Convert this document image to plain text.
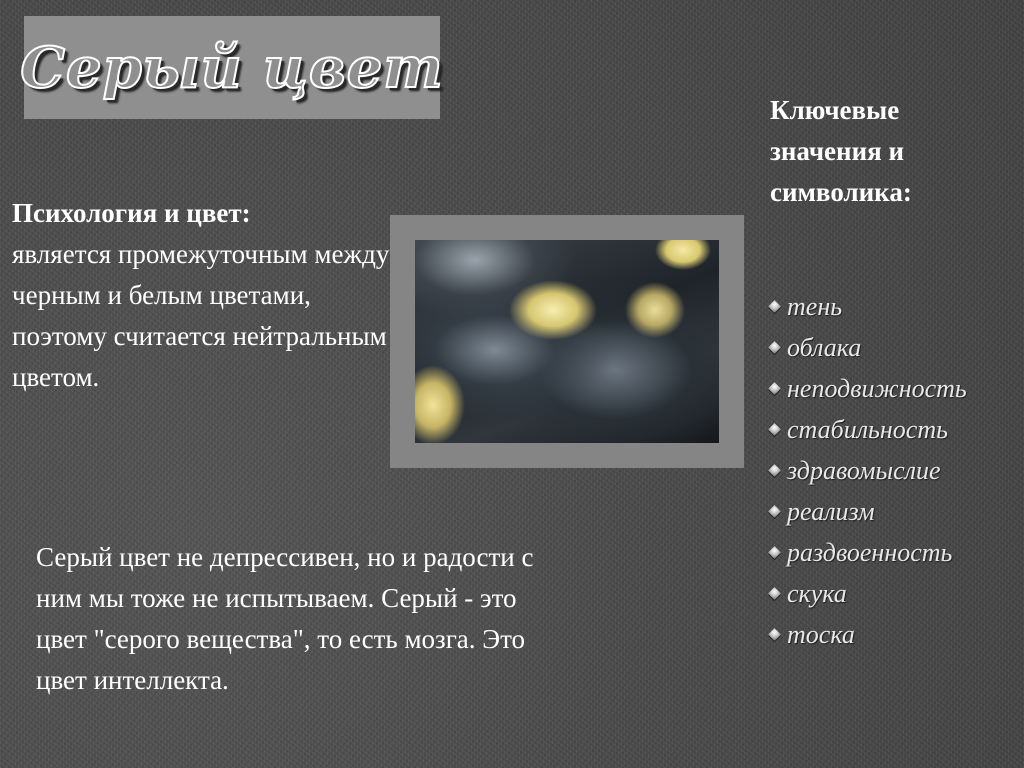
Серый цвет
Психология и цвет:
является промежуточным между черным и белым цветами, поэтому считается нейтральным цветом.
Ключевые значения и символика:
тень
облака
неподвижность
стабильность
здравомыслие
реализм
раздвоенность
скука
тоска
Серый цвет не депрессивен, но и радости с ним мы тоже не испытываем. Серый - это цвет "серого вещества", то есть мозга. Это цвет интеллекта.
